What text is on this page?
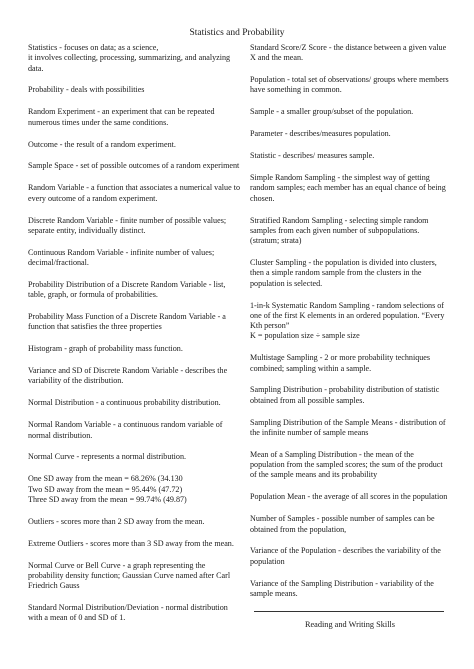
Statistics and Probability

Statistics - focuses on data; as a science,
it involves collecting, processing, summarizing, and analyzing data.

Probability - deals with possibilities

Random Experiment - an experiment that can be repeated numerous times under the same conditions.

Outcome - the result of a random experiment.

Sample Space - set of possible outcomes of a random experiment

Random Variable - a function that associates a numerical value to every outcome of a random experiment.

Discrete Random Variable - finite number of possible values; separate entity, individually distinct.

Continuous Random Variable - infinite number of values; decimal/fractional.

Probability Distribution of a Discrete Random Variable - list, table, graph, or formula of probabilities.

Probability Mass Function of a Discrete Random Variable - a function that satisfies the three properties

Histogram - graph of probability mass function.

Variance and SD of Discrete Random Variable - describes the variability of the distribution.

Normal Distribution - a continuous probability distribution.

Normal Random Variable - a continuous random variable of normal distribution.

Normal Curve - represents a normal distribution.

One SD away from the mean = 68.26% (34.130
Two SD away from the mean = 95.44% (47.72)
Three SD away from the mean = 99.74% (49.87)

Outliers - scores more than 2 SD away from the mean.

Extreme Outliers - scores more than 3 SD away from the mean.

Normal Curve or Bell Curve - a graph representing the probability density function; Gaussian Curve named after Carl Friedrich Gauss

Standard Normal Distribution/Deviation - normal distribution with a mean of 0 and SD of 1.

Standard Score/Z Score - the distance between a given value X and the mean.

Population - total set of observations/ groups where members have something in common.

Sample - a smaller group/subset of the population.

Parameter - describes/measures population.

Statistic - describes/ measures sample.

Simple Random Sampling - the simplest way of getting random samples; each member has an equal chance of being chosen.

Stratified Random Sampling - selecting simple random samples from each given number of subpopulations. (stratum; strata)

Cluster Sampling - the population is divided into clusters, then a simple random sample from the clusters in the population is selected.

1-in-k Systematic Random Sampling - random selections of one of the first K elements in an ordered population. “Every Kth person”
K = population size ÷ sample size

Multistage Sampling - 2 or more probability techniques combined; sampling within a sample.

Sampling Distribution - probability distribution of statistic obtained from all possible samples.

Sampling Distribution of the Sample Means - distribution of the infinite number of sample means

Mean of a Sampling Distribution - the mean of the population from the sampled scores; the sum of the product of the sample means and its probability

Population Mean - the average of all scores in the population

Number of Samples - possible number of samples can be obtained from the population,

Variance of the Population - describes the variability of the population

Variance of the Sampling Distribution - variability of the sample means.

Reading and Writing Skills
